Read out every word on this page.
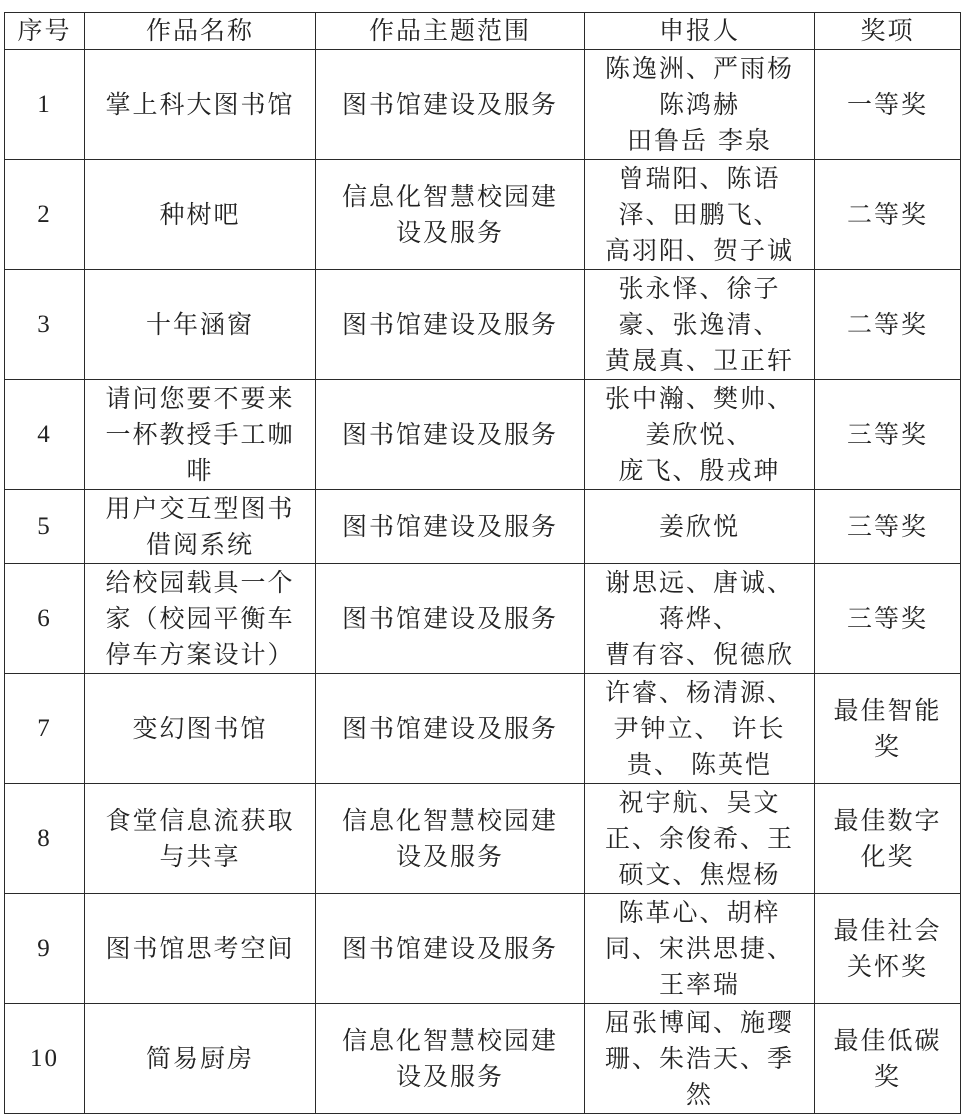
序号	作品名称	作品主题范围	申报人	奖项
1	掌上科大图书馆	图书馆建设及服务	陈逸洲、严雨杨
陈鸿赫
田鲁岳 李泉	一等奖

2	种树吧	信息化智慧校园建
设及服务	曾瑞阳、陈语
泽、田鹏飞、
高羽阳、贺子诚	二等奖

3	十年涵窗	图书馆建设及服务	张永怿、徐子
豪、张逸清、
黄晟真、卫正轩	二等奖

4	请问您要不要来
一杯教授手工咖
啡	图书馆建设及服务	张中瀚、樊帅、
姜欣悦、
庞飞、殷戎珅	三等奖

5	用户交互型图书
借阅系统	图书馆建设及服务	姜欣悦	三等奖

6	给校园载具一个
家（校园平衡车
停车方案设计）	图书馆建设及服务	谢思远、唐诚、
蒋烨、
曹有容、倪德欣	三等奖

7	变幻图书馆	图书馆建设及服务	许睿、杨清源、
尹钟立、 许长
贵、 陈英恺	最佳智能
奖

8	食堂信息流获取
与共享	信息化智慧校园建
设及服务	祝宇航、吴文
正、余俊希、王
硕文、焦煜杨	最佳数字
化奖

9	图书馆思考空间	图书馆建设及服务	陈革心、胡梓
同、宋洪思捷、
王率瑞	最佳社会
关怀奖

10	简易厨房	信息化智慧校园建
设及服务	屈张博闻、施璎
珊、朱浩天、季
然	最佳低碳
奖
